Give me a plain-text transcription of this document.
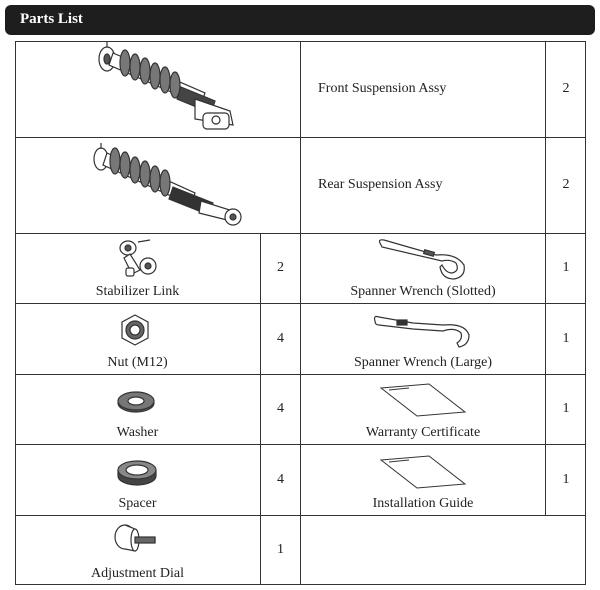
Parts List
Front Suspension Assy	2
Rear Suspension Assy	2
Stabilizer Link
2
Nut (M12)
4
Washer
4
Spacer
4
Adjustment Dial
1
Spanner Wrench (Slotted)
1
Spanner Wrench (Large)
1
Warranty Certificate
1
Installation Guide
1
